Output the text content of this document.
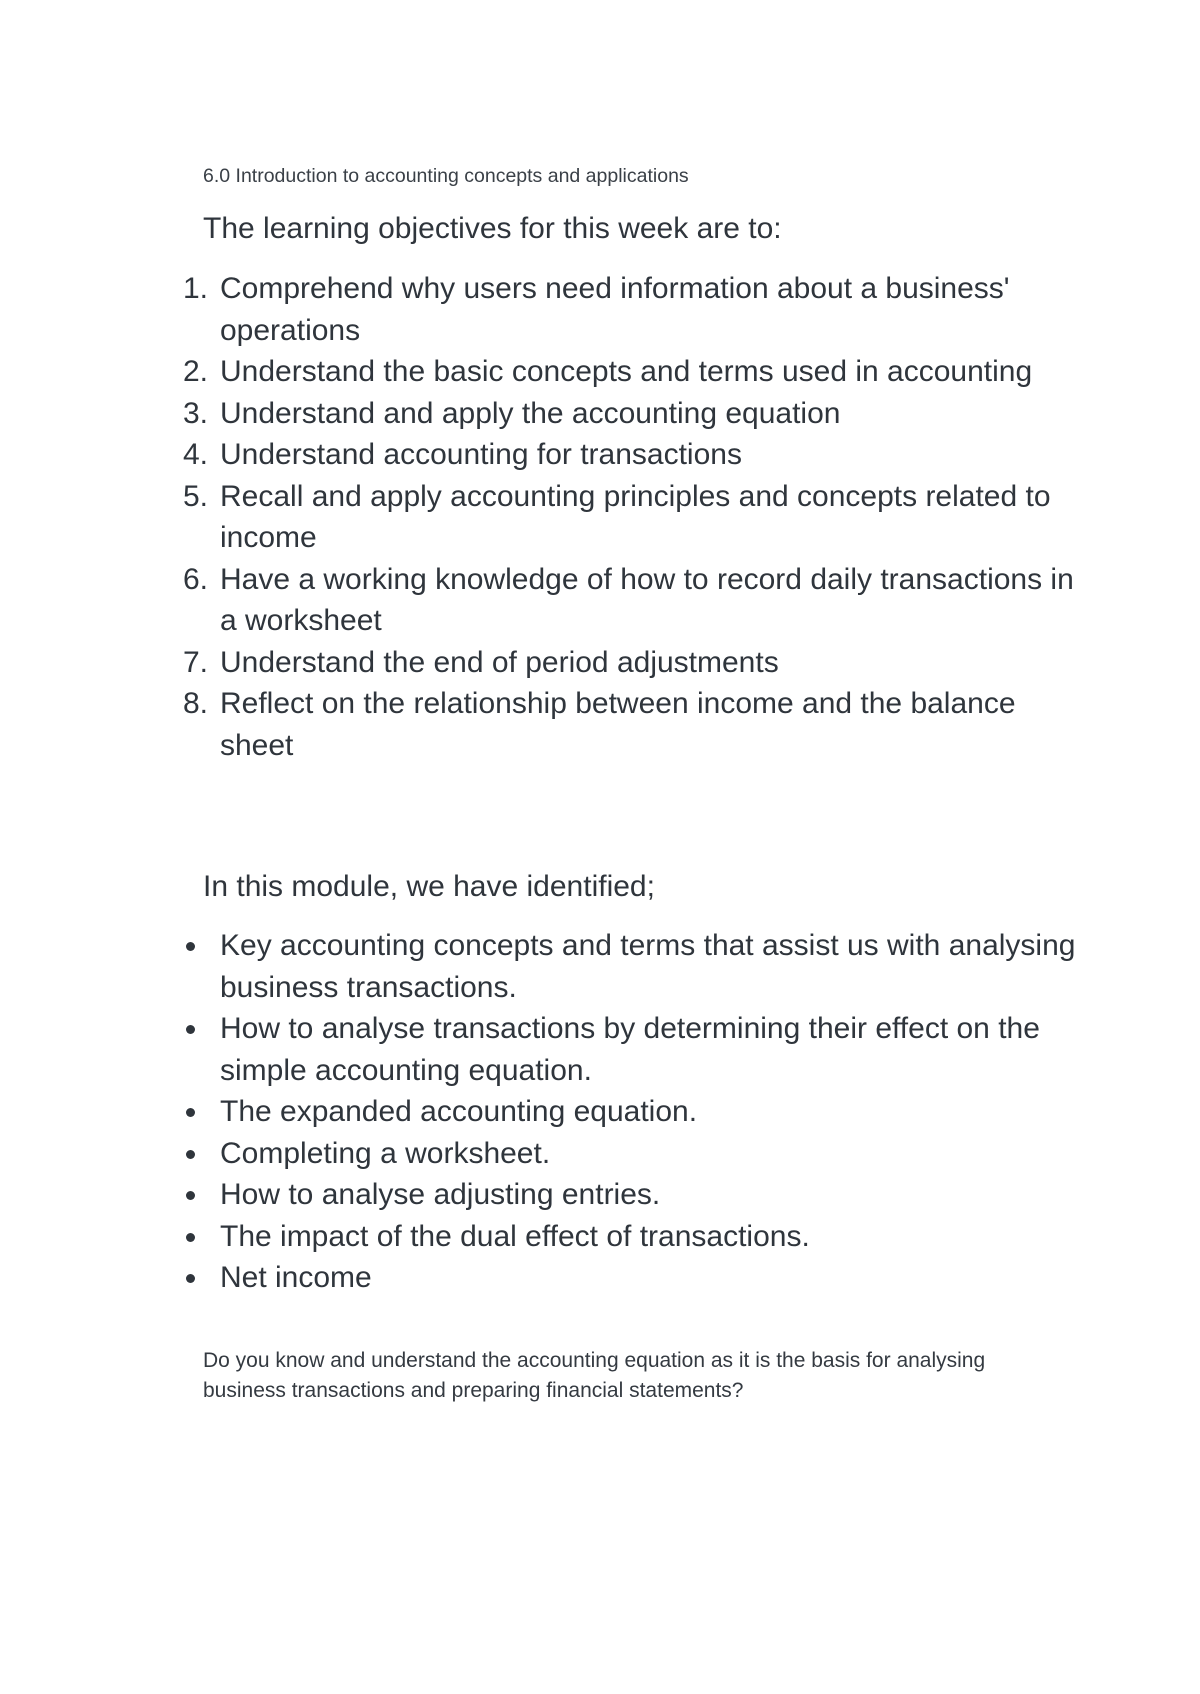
6.0 Introduction to accounting concepts and applications

The learning objectives for this week are to:

1. Comprehend why users need information about a business' operations
2. Understand the basic concepts and terms used in accounting
3. Understand and apply the accounting equation
4. Understand accounting for transactions
5. Recall and apply accounting principles and concepts related to income
6. Have a working knowledge of how to record daily transactions in a worksheet
7. Understand the end of period adjustments
8. Reflect on the relationship between income and the balance sheet

In this module, we have identified;

Key accounting concepts and terms that assist us with analysing business transactions.
How to analyse transactions by determining their effect on the simple accounting equation.
The expanded accounting equation.
Completing a worksheet.
How to analyse adjusting entries.
The impact of the dual effect of transactions.
Net income

Do you know and understand the accounting equation as it is the basis for analysing business transactions and preparing financial statements?
